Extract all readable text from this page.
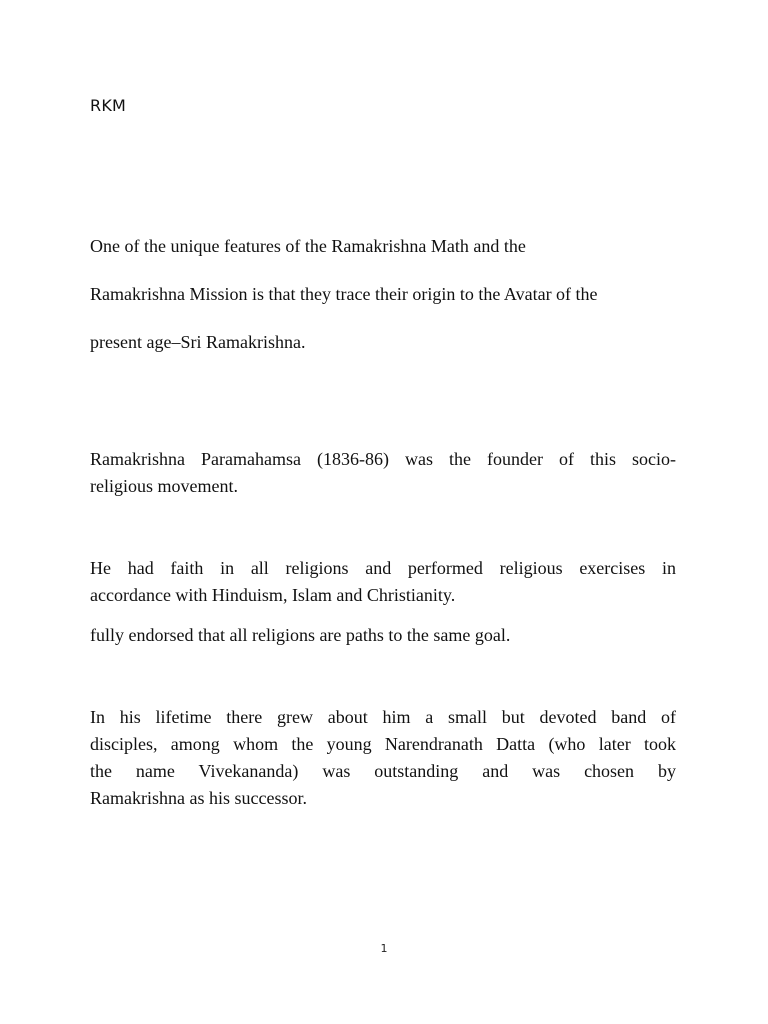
RKM

One of the unique features of the Ramakrishna Math and the
Ramakrishna Mission is that they trace their origin to the Avatar of the
present age–Sri Ramakrishna.

Ramakrishna Paramahamsa (1836-86) was the founder of this socio-
religious movement.

He had faith in all religions and performed religious exercises in
accordance with Hinduism, Islam and Christianity.

fully endorsed that all religions are paths to the same goal.

In his lifetime there grew about him a small but devoted band of
disciples, among whom the young Narendranath Datta (who later took
the name Vivekananda) was outstanding and was chosen by
Ramakrishna as his successor.

1
